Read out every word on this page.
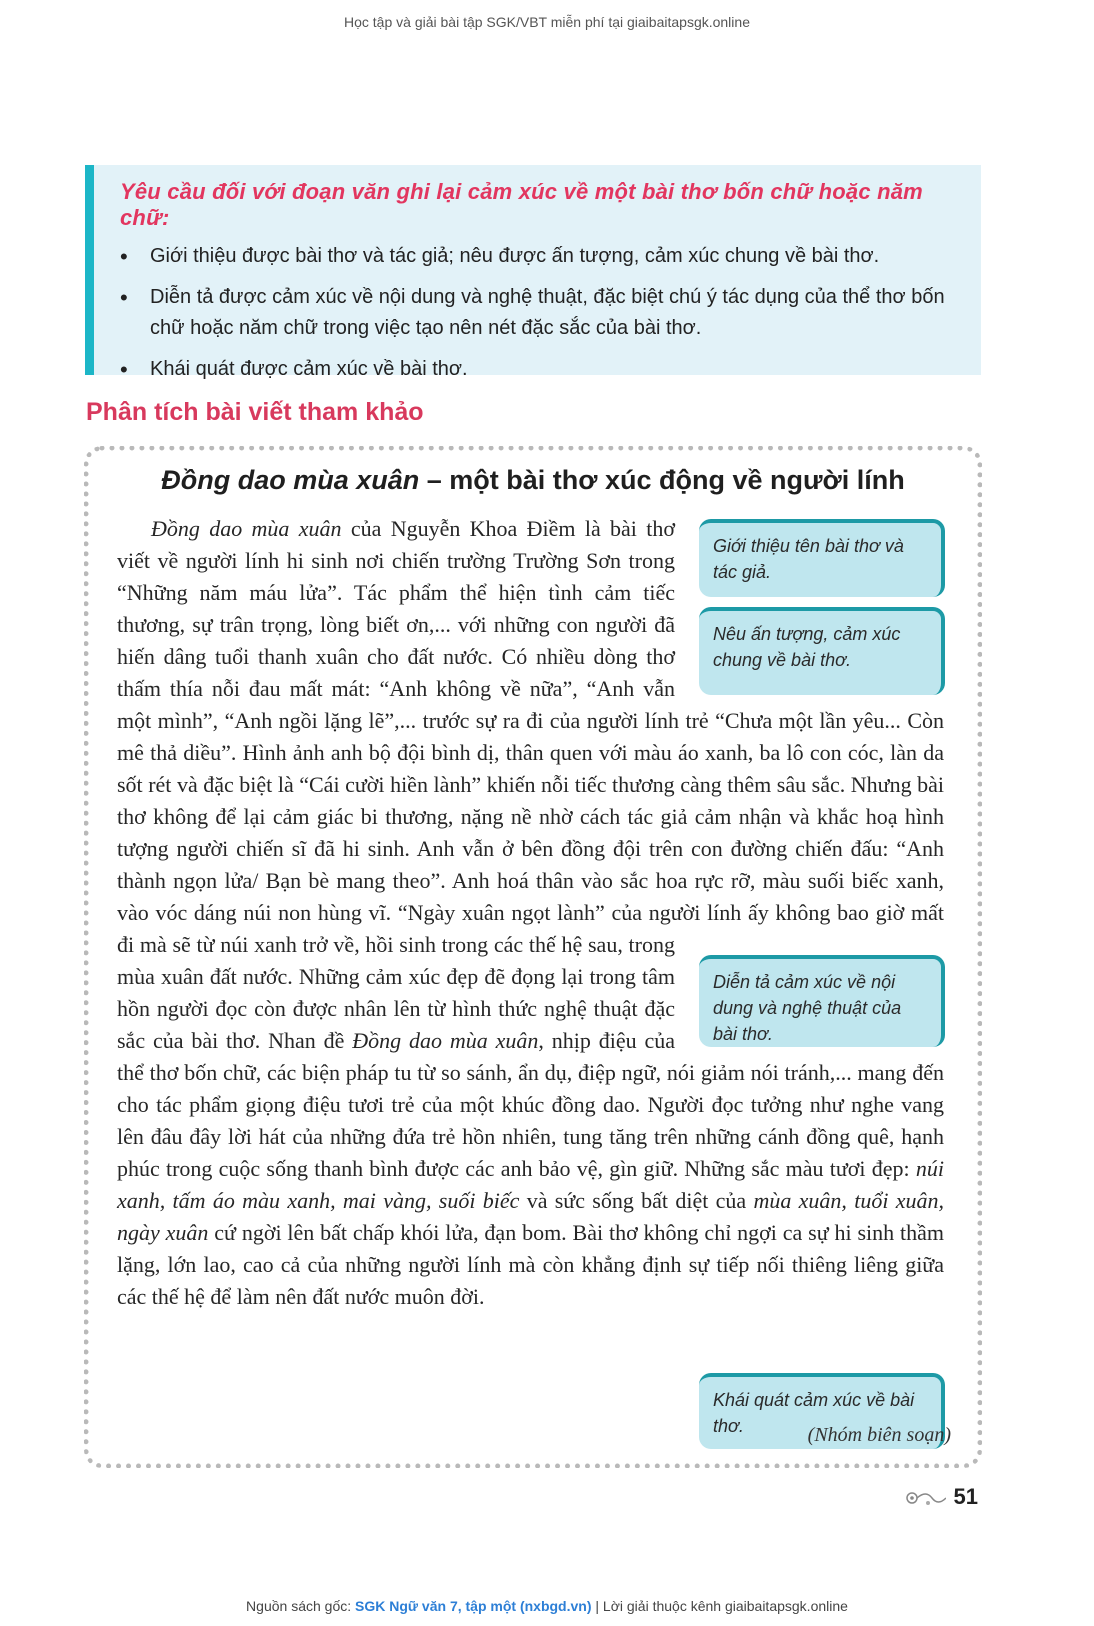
Học tập và giải bài tập SGK/VBT miễn phí tại giaibaitapsgk.online

Yêu cầu đối với đoạn văn ghi lại cảm xúc về một bài thơ bốn chữ hoặc năm chữ:

• Giới thiệu được bài thơ và tác giả; nêu được ấn tượng, cảm xúc chung về bài thơ.
• Diễn tả được cảm xúc về nội dung và nghệ thuật, đặc biệt chú ý tác dụng của thể thơ bốn chữ hoặc năm chữ trong việc tạo nên nét đặc sắc của bài thơ.
• Khái quát được cảm xúc về bài thơ.
Phân tích bài viết tham khảo
Đồng dao mùa xuân – một bài thơ xúc động về người lính
Giới thiệu tên bài thơ và tác giả.
Nêu ấn tượng, cảm xúc chung về bài thơ.
Diễn tả cảm xúc về nội dung và nghệ thuật của bài thơ.
Khái quát cảm xúc về bài thơ.
Đồng dao mùa xuân của Nguyễn Khoa Điềm là bài thơ viết về người lính hi sinh nơi chiến trường Trường Sơn trong “Những năm máu lửa”. Tác phẩm thể hiện tình cảm tiếc thương, sự trân trọng, lòng biết ơn,... với những con người đã hiến dâng tuổi thanh xuân cho đất nước. Có nhiều dòng thơ thấm thía nỗi đau mất mát: “Anh không về nữa”, “Anh vẫn một mình”, “Anh ngồi lặng lẽ”,... trước sự ra đi của người lính trẻ “Chưa một lần yêu... Còn mê thả diều”. Hình ảnh anh bộ đội bình dị, thân quen với màu áo xanh, ba lô con cóc, làn da sốt rét và đặc biệt là “Cái cười hiền lành” khiến nỗi tiếc thương càng thêm sâu sắc. Nhưng bài thơ không để lại cảm giác bi thương, nặng nề nhờ cách tác giả cảm nhận và khắc hoạ hình tượng người chiến sĩ đã hi sinh. Anh vẫn ở bên đồng đội trên con đường chiến đấu: “Anh thành ngọn lửa/ Bạn bè mang theo”. Anh hoá thân vào sắc hoa rực rỡ, màu suối biếc xanh, vào vóc dáng núi non hùng vĩ. “Ngày xuân ngọt lành” của người lính ấy không bao giờ mất đi mà sẽ từ núi xanh trở về, hồi sinh trong các thế hệ sau, trong mùa xuân đất nước. Những cảm xúc đẹp đẽ đọng lại trong tâm hồn người đọc còn được nhân lên từ hình thức nghệ thuật đặc sắc của bài thơ. Nhan đề Đồng dao mùa xuân, nhịp điệu của thể thơ bốn chữ, các biện pháp tu từ so sánh, ẩn dụ, điệp ngữ, nói giảm nói tránh,... mang đến cho tác phẩm giọng điệu tươi trẻ của một khúc đồng dao. Người đọc tưởng như nghe vang lên đâu đây lời hát của những đứa trẻ hồn nhiên, tung tăng trên những cánh đồng quê, hạnh phúc trong cuộc sống thanh bình được các anh bảo vệ, gìn giữ. Những sắc màu tươi đẹp: núi xanh, tấm áo màu xanh, mai vàng, suối biếc và sức sống bất diệt của mùa xuân, tuổi xuân, ngày xuân cứ ngời lên bất chấp khói lửa, đạn bom. Bài thơ không chỉ ngợi ca sự hi sinh thầm lặng, lớn lao, cao cả của những người lính mà còn khẳng định sự tiếp nối thiêng liêng giữa các thế hệ để làm nên đất nước muôn đời.
(Nhóm biên soạn)
51
Nguồn sách gốc: SGK Ngữ văn 7, tập một (nxbgd.vn) | Lời giải thuộc kênh giaibaitapsgk.online
